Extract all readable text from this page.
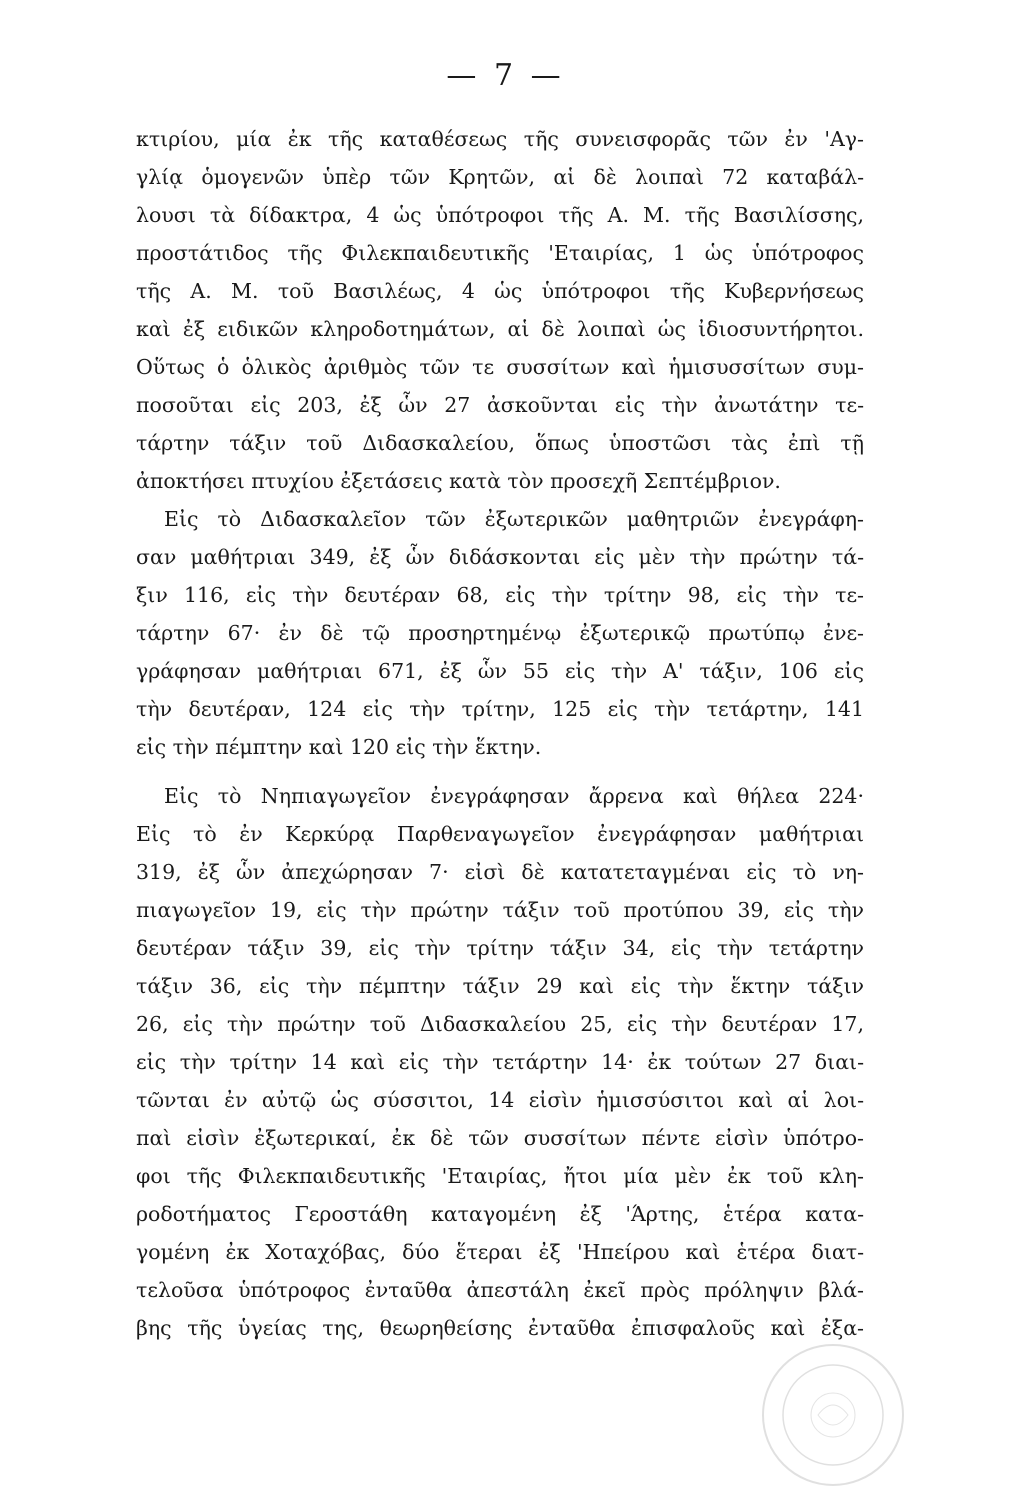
— 7 —
κτιρίου, μία ἐκ τῆς καταθέσεως τῆς συνεισφορᾶς τῶν ἐν 'Αγ-
γλίᾳ ὁμογενῶν ὑπὲρ τῶν Κρητῶν, αἱ δὲ λοιπαὶ 72 καταβάλ-
λουσι τὰ δίδακτρα, 4 ὡς ὑπότροφοι τῆς Α. Μ. τῆς Βασιλίσσης,
προστάτιδος τῆς Φιλεκπαιδευτικῆς 'Εταιρίας, 1 ὡς ὑπότροφος
τῆς Α. Μ. τοῦ Βασιλέως, 4 ὡς ὑπότροφοι τῆς Κυβερνήσεως
καὶ ἐξ ειδικῶν κληροδοτημάτων, αἱ δὲ λοιπαὶ ὡς ἰδιοσυντήρητοι.
Οὕτως ὁ ὁλικὸς ἀριθμὸς τῶν τε συσσίτων καὶ ἡμισυσσίτων συμ-
ποσοῦται εἰς 203, ἐξ ὧν 27 ἀσκοῦνται εἰς τὴν ἀνωτάτην τε-
τάρτην τάξιν τοῦ Διδασκαλείου, ὅπως ὑποστῶσι τὰς ἐπὶ τῇ
ἀποκτήσει πτυχίου ἐξετάσεις κατὰ τὸν προσεχῆ Σεπτέμβριον.
Εἰς τὸ Διδασκαλεῖον τῶν ἐξωτερικῶν μαθητριῶν ἐνεγράφη-
σαν μαθήτριαι 349, ἐξ ὧν διδάσκονται εἰς μὲν τὴν πρώτην τά-
ξιν 116, εἰς τὴν δευτέραν 68, εἰς τὴν τρίτην 98, εἰς τὴν τε-
τάρτην 67· ἐν δὲ τῷ προσηρτημένῳ ἐξωτερικῷ πρωτύπῳ ἐνε-
γράφησαν μαθήτριαι 671, ἐξ ὧν 55 εἰς τὴν Α' τάξιν, 106 εἰς
τὴν δευτέραν, 124 εἰς τὴν τρίτην, 125 εἰς τὴν τετάρτην, 141
εἰς τὴν πέμπτην καὶ 120 εἰς τὴν ἕκτην.
Εἰς τὸ Νηπιαγωγεῖον ἐνεγράφησαν ἄρρενα καὶ θήλεα 224·
Εἰς τὸ ἐν Κερκύρᾳ Παρθεναγωγεῖον ἐνεγράφησαν μαθήτριαι
319, ἐξ ὧν ἀπεχώρησαν 7· εἰσὶ δὲ κατατεταγμέναι εἰς τὸ νη-
πιαγωγεῖον 19, εἰς τὴν πρώτην τάξιν τοῦ προτύπου 39, εἰς τὴν
δευτέραν τάξιν 39, εἰς τὴν τρίτην τάξιν 34, εἰς τὴν τετάρτην
τάξιν 36, εἰς τὴν πέμπτην τάξιν 29 καὶ εἰς τὴν ἕκτην τάξιν
26, εἰς τὴν πρώτην τοῦ Διδασκαλείου 25, εἰς τὴν δευτέραν 17,
εἰς τὴν τρίτην 14 καὶ εἰς τὴν τετάρτην 14· ἐκ τούτων 27 διαι-
τῶνται ἐν αὐτῷ ὡς σύσσιτοι, 14 εἰσὶν ἡμισσύσιτοι καὶ αἱ λοι-
παὶ εἰσὶν ἐξωτερικαί, ἐκ δὲ τῶν συσσίτων πέντε εἰσὶν ὑπότρο-
φοι τῆς Φιλεκπαιδευτικῆς 'Εταιρίας, ἤτοι μία μὲν ἐκ τοῦ κλη-
ροδοτήματος Γεροστάθη καταγομένη ἐξ 'Άρτης, ἑτέρα κατα-
γομένη ἐκ Χοταχόβας, δύο ἕτεραι ἐξ 'Ηπείρου καὶ ἑτέρα διατ-
τελοῦσα ὑπότροφος ἐνταῦθα ἀπεστάλη ἐκεῖ πρὸς πρόληψιν βλά-
βης τῆς ὑγείας της, θεωρηθείσης ἐνταῦθα ἐπισφαλοῦς καὶ ἐξα-
